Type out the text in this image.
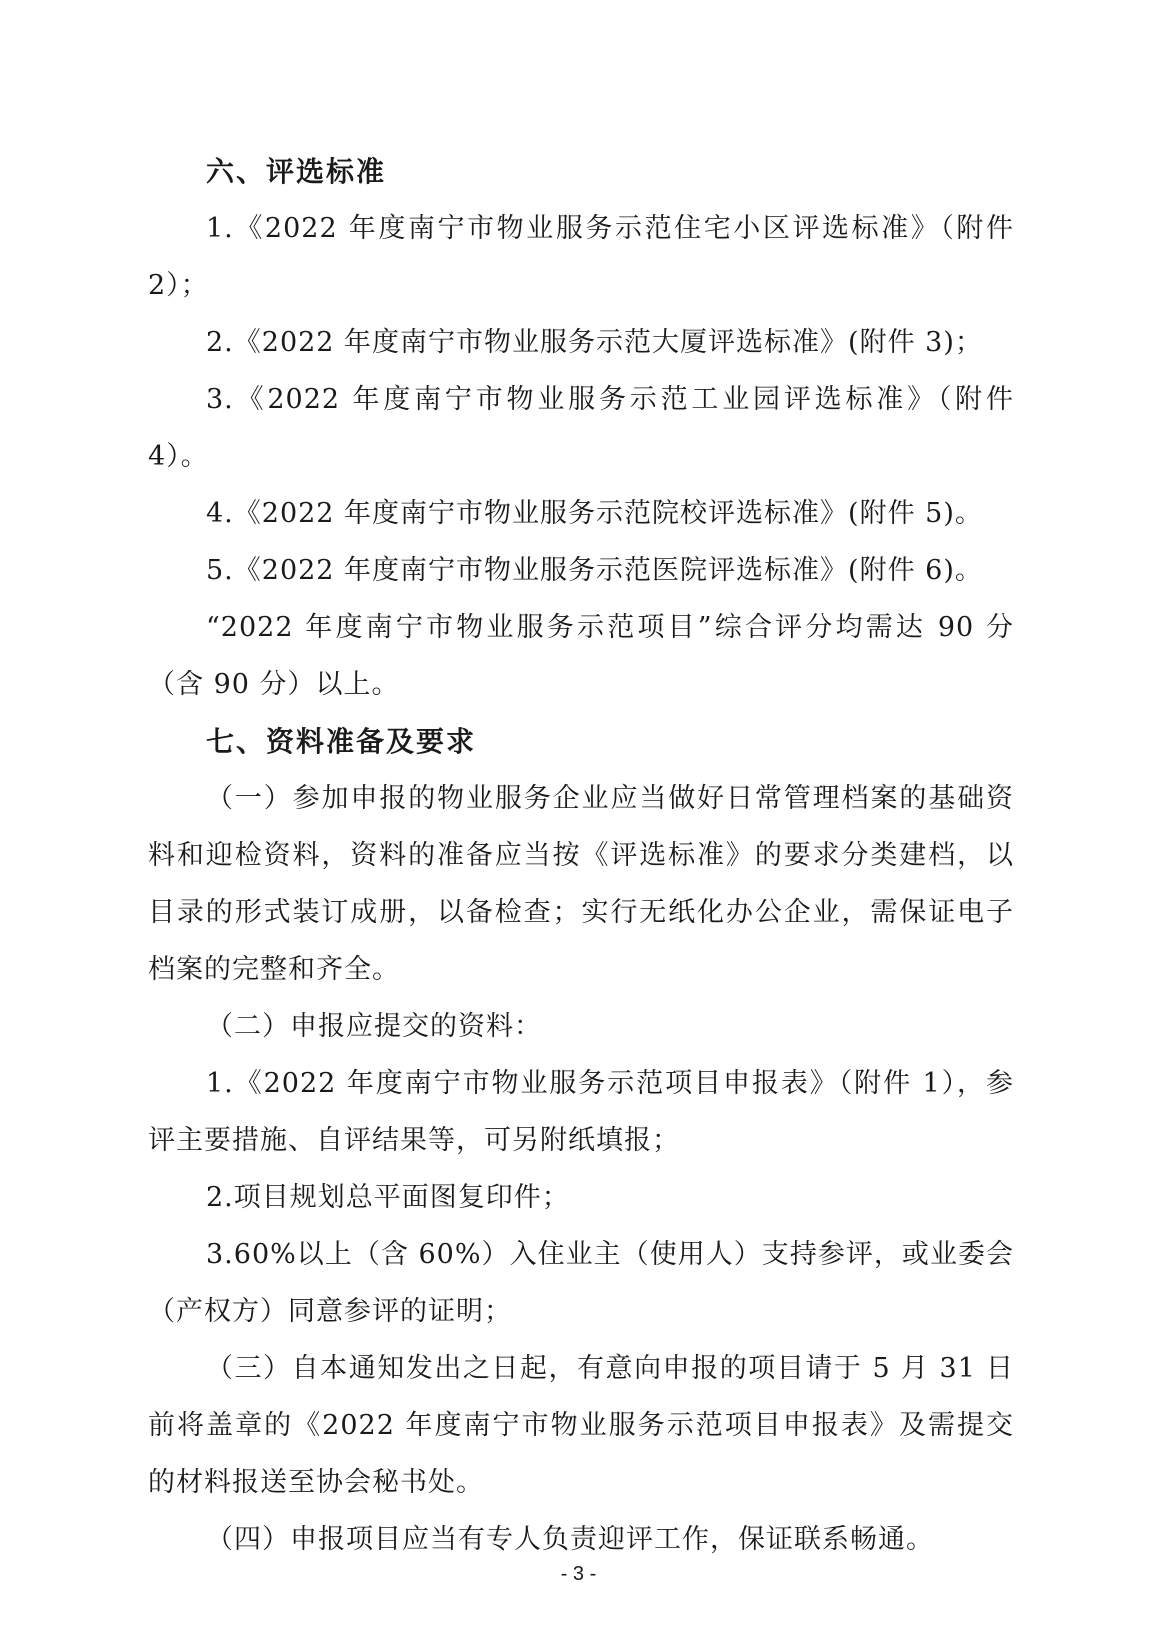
六、评选标准

1.《2022 年度南宁市物业服务示范住宅小区评选标准》（附件 2）；

2.《2022 年度南宁市物业服务示范大厦评选标准》(附件 3)；

3.《2022 年度南宁市物业服务示范工业园评选标准》（附件 4）。

4.《2022 年度南宁市物业服务示范院校评选标准》(附件 5)。

5.《2022 年度南宁市物业服务示范医院评选标准》(附件 6)。

“2022 年度南宁市物业服务示范项目”综合评分均需达 90 分（含 90 分）以上。

七、资料准备及要求

（一）参加申报的物业服务企业应当做好日常管理档案的基础资料和迎检资料，资料的准备应当按《评选标准》的要求分类建档，以目录的形式装订成册，以备检查；实行无纸化办公企业，需保证电子档案的完整和齐全。

（二）申报应提交的资料：

1.《2022 年度南宁市物业服务示范项目申报表》（附件 1），参评主要措施、自评结果等，可另附纸填报；

2.项目规划总平面图复印件；

3.60%以上（含 60%）入住业主（使用人）支持参评，或业委会（产权方）同意参评的证明；

（三）自本通知发出之日起，有意向申报的项目请于 5 月 31 日前将盖章的《2022 年度南宁市物业服务示范项目申报表》及需提交的材料报送至协会秘书处。

（四）申报项目应当有专人负责迎评工作，保证联系畅通。

- 3 -
